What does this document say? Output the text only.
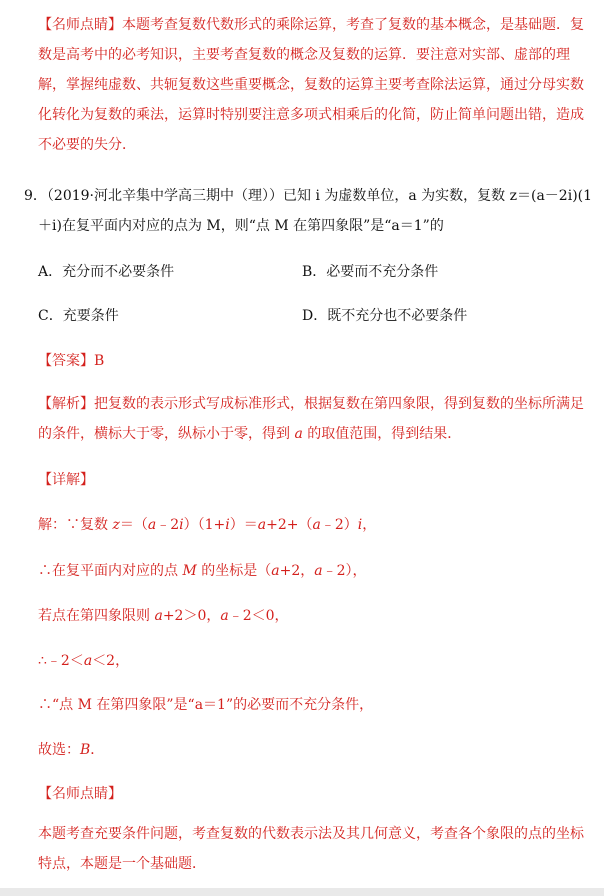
【名师点睛】本题考查复数代数形式的乘除运算，考查了复数的基本概念，是基础题．复数是高考中的必考知识，主要考查复数的概念及复数的运算．要注意对实部、虚部的理解，掌握纯虚数、共轭复数这些重要概念，复数的运算主要考查除法运算，通过分母实数化转化为复数的乘法，运算时特别要注意多项式相乘后的化简，防止简单问题出错，造成不必要的失分．

9．（2019·河北辛集中学高三期中（理））已知 i 为虚数单位，a 为实数，复数 z＝(a－2i)(1
＋i)在复平面内对应的点为 M，则“点 M 在第四象限”是“a＝1”的
A．充分而不必要条件	B．必要而不充分条件
C．充要条件	D．既不充分也不必要条件
【答案】B

【解析】把复数的表示形式写成标准形式，根据复数在第四象限，得到复数的坐标所满足的条件，横标大于零，纵标小于零，得到 a 的取值范围，得到结果．

【详解】
解：∵复数 z＝（a﹣2i）（1+i）＝a+2+（a﹣2）i，
∴在复平面内对应的点 M 的坐标是（a+2，a﹣2），
若点在第四象限则 a+2＞0，a﹣2＜0，
∴﹣2＜a＜2，
∴“点 M 在第四象限”是“a＝1”的必要而不充分条件，
故选：B．
【名师点睛】

本题考查充要条件问题，考查复数的代数表示法及其几何意义，考查各个象限的点的坐标特点，本题是一个基础题．
